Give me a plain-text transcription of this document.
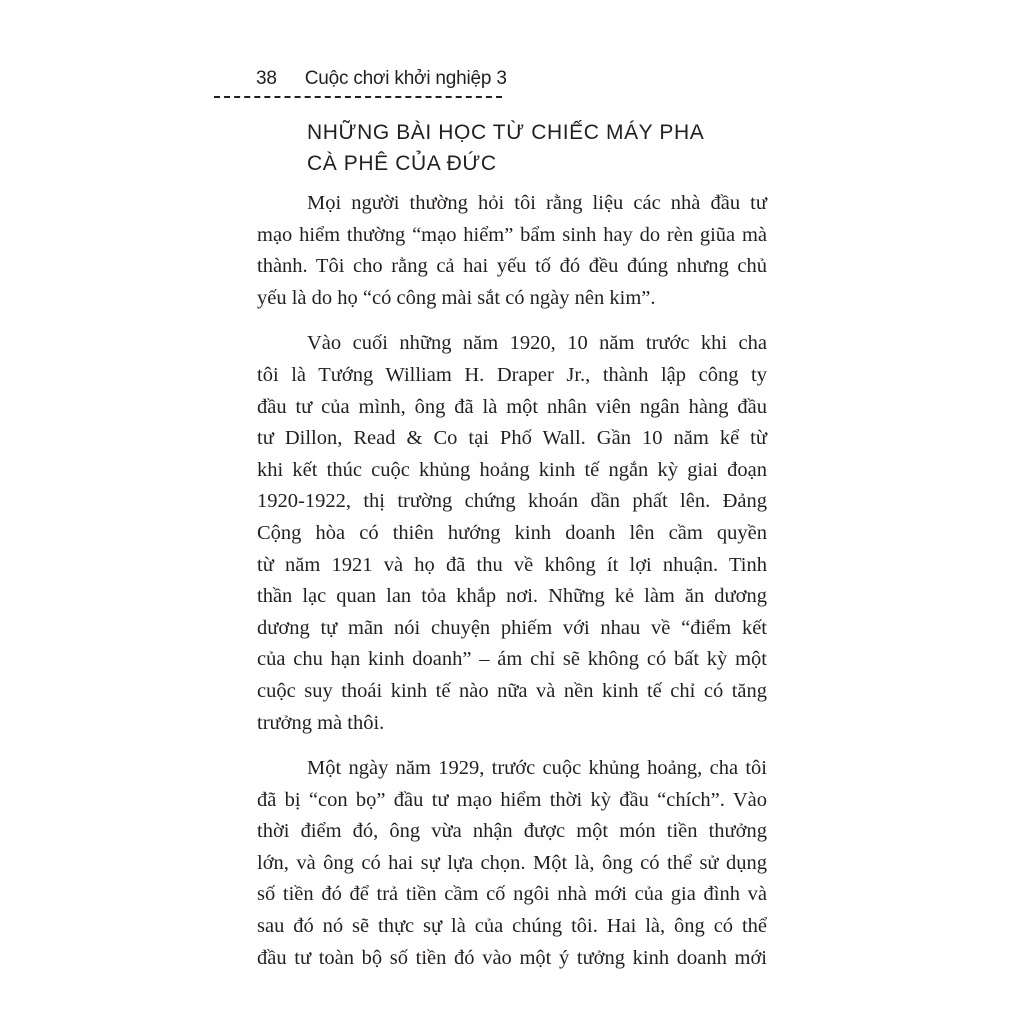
38 Cuộc chơi khởi nghiệp 3
NHỮNG BÀI HỌC TỪ CHIẾC MÁY PHA
CÀ PHÊ CỦA ĐỨC

Mọi người thường hỏi tôi rằng liệu các nhà đầu tư
mạo hiểm thường “mạo hiểm” bẩm sinh hay do rèn giũa mà
thành. Tôi cho rằng cả hai yếu tố đó đều đúng nhưng chủ
yếu là do họ “có công mài sắt có ngày nên kim”.

Vào cuối những năm 1920, 10 năm trước khi cha
tôi là Tướng William H. Draper Jr., thành lập công ty
đầu tư của mình, ông đã là một nhân viên ngân hàng đầu
tư Dillon, Read & Co tại Phố Wall. Gần 10 năm kể từ
khi kết thúc cuộc khủng hoảng kinh tế ngắn kỳ giai đoạn
1920-1922, thị trường chứng khoán dần phất lên. Đảng
Cộng hòa có thiên hướng kinh doanh lên cầm quyền
từ năm 1921 và họ đã thu về không ít lợi nhuận. Tinh
thần lạc quan lan tỏa khắp nơi. Những kẻ làm ăn dương
dương tự mãn nói chuyện phiếm với nhau về “điểm kết
của chu hạn kinh doanh” – ám chỉ sẽ không có bất kỳ một
cuộc suy thoái kinh tế nào nữa và nền kinh tế chỉ có tăng
trưởng mà thôi.

Một ngày năm 1929, trước cuộc khủng hoảng, cha tôi
đã bị “con bọ” đầu tư mạo hiểm thời kỳ đầu “chích”. Vào
thời điểm đó, ông vừa nhận được một món tiền thưởng
lớn, và ông có hai sự lựa chọn. Một là, ông có thể sử dụng
số tiền đó để trả tiền cầm cố ngôi nhà mới của gia đình và
sau đó nó sẽ thực sự là của chúng tôi. Hai là, ông có thể
đầu tư toàn bộ số tiền đó vào một ý tưởng kinh doanh mới
